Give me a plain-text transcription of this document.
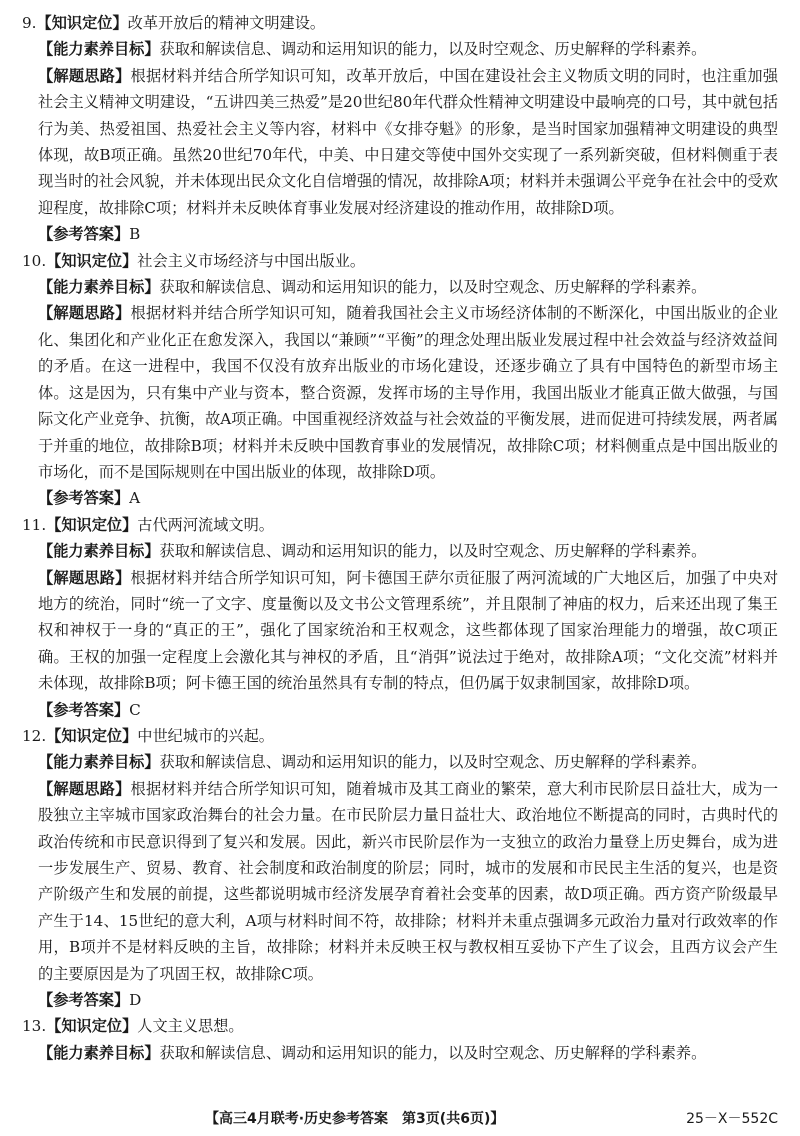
9.【知识定位】改革开放后的精神文明建设。

【能力素养目标】获取和解读信息、调动和运用知识的能力，以及时空观念、历史解释的学科素养。

【解题思路】根据材料并结合所学知识可知，改革开放后，中国在建设社会主义物质文明的同时，也注重加强社会主义精神文明建设，“五讲四美三热爱”是20世纪80年代群众性精神文明建设中最响亮的口号，其中就包括行为美、热爱祖国、热爱社会主义等内容，材料中《女排夺魁》的形象，是当时国家加强精神文明建设的典型体现，故B项正确。虽然20世纪70年代，中美、中日建交等使中国外交实现了一系列新突破，但材料侧重于表现当时的社会风貌，并未体现出民众文化自信增强的情况，故排除A项；材料并未强调公平竞争在社会中的受欢迎程度，故排除C项；材料并未反映体育事业发展对经济建设的推动作用，故排除D项。

【参考答案】B

10.【知识定位】社会主义市场经济与中国出版业。

【能力素养目标】获取和解读信息、调动和运用知识的能力，以及时空观念、历史解释的学科素养。

【解题思路】根据材料并结合所学知识可知，随着我国社会主义市场经济体制的不断深化，中国出版业的企业化、集团化和产业化正在愈发深入，我国以“兼顾”“平衡”的理念处理出版业发展过程中社会效益与经济效益间的矛盾。在这一进程中，我国不仅没有放弃出版业的市场化建设，还逐步确立了具有中国特色的新型市场主体。这是因为，只有集中产业与资本，整合资源，发挥市场的主导作用，我国出版业才能真正做大做强，与国际文化产业竞争、抗衡，故A项正确。中国重视经济效益与社会效益的平衡发展，进而促进可持续发展，两者属于并重的地位，故排除B项；材料并未反映中国教育事业的发展情况，故排除C项；材料侧重点是中国出版业的市场化，而不是国际规则在中国出版业的体现，故排除D项。

【参考答案】A

11.【知识定位】古代两河流域文明。

【能力素养目标】获取和解读信息、调动和运用知识的能力，以及时空观念、历史解释的学科素养。

【解题思路】根据材料并结合所学知识可知，阿卡德国王萨尔贡征服了两河流域的广大地区后，加强了中央对地方的统治，同时“统一了文字、度量衡以及文书公文管理系统”，并且限制了神庙的权力，后来还出现了集王权和神权于一身的“真正的王”，强化了国家统治和王权观念，这些都体现了国家治理能力的增强，故C项正确。王权的加强一定程度上会激化其与神权的矛盾，且“消弭”说法过于绝对，故排除A项；“文化交流”材料并未体现，故排除B项；阿卡德王国的统治虽然具有专制的特点，但仍属于奴隶制国家，故排除D项。

【参考答案】C

12.【知识定位】中世纪城市的兴起。

【能力素养目标】获取和解读信息、调动和运用知识的能力，以及时空观念、历史解释的学科素养。

【解题思路】根据材料并结合所学知识可知，随着城市及其工商业的繁荣，意大利市民阶层日益壮大，成为一股独立主宰城市国家政治舞台的社会力量。在市民阶层力量日益壮大、政治地位不断提高的同时，古典时代的政治传统和市民意识得到了复兴和发展。因此，新兴市民阶层作为一支独立的政治力量登上历史舞台，成为进一步发展生产、贸易、教育、社会制度和政治制度的阶层；同时，城市的发展和市民民主生活的复兴，也是资产阶级产生和发展的前提，这些都说明城市经济发展孕育着社会变革的因素，故D项正确。西方资产阶级最早产生于14、15世纪的意大利，A项与材料时间不符，故排除；材料并未重点强调多元政治力量对行政效率的作用，B项并不是材料反映的主旨，故排除；材料并未反映王权与教权相互妥协下产生了议会，且西方议会产生的主要原因是为了巩固王权，故排除C项。

【参考答案】D

13.【知识定位】人文主义思想。

【能力素养目标】获取和解读信息、调动和运用知识的能力，以及时空观念、历史解释的学科素养。

【高三4月联考·历史参考答案　第3页(共6页)】	25－X－552C
